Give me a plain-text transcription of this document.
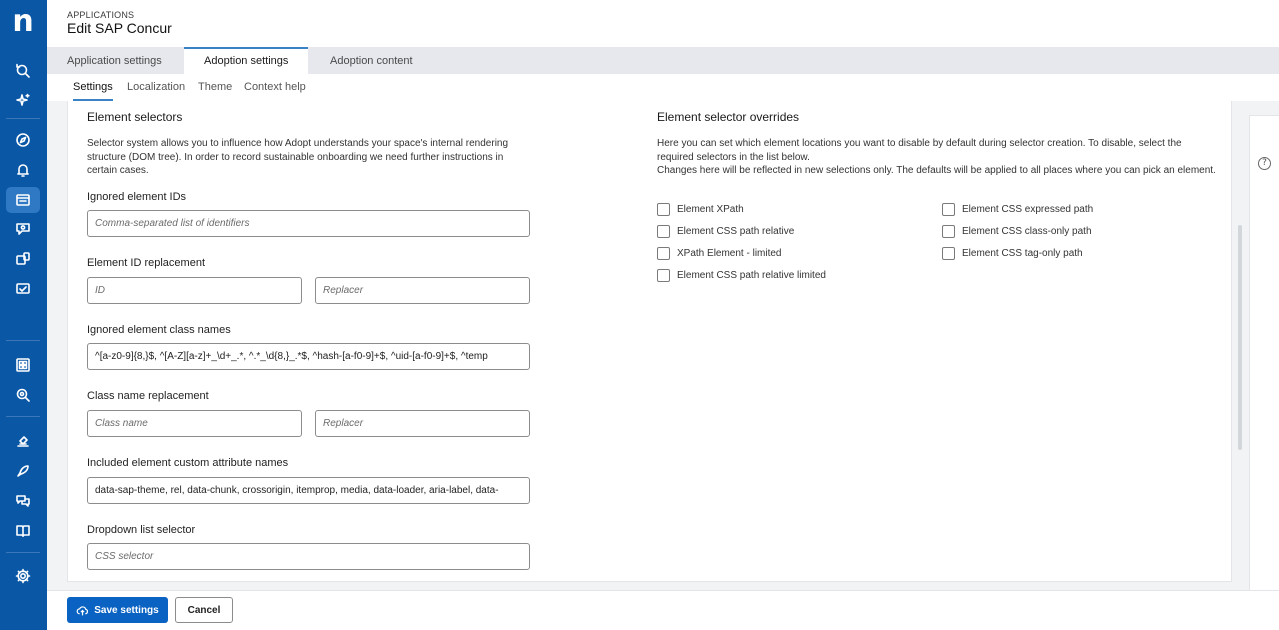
n	APPLICATIONS
Edit SAP Concur
Application settings	Adoption settings	Adoption content
Settings Localization Theme Context help
?
Element selectors
Selector system allows you to influence how Adopt understands your space's internal rendering structure (DOM tree). In order to record sustainable onboarding we need further instructions in certain cases.
Ignored element IDs
Comma-separated list of identifiers
Element ID replacement
ID
Replacer
Ignored element class names
^[a-z0-9]{8,}$, ^[A-Z][a-z]+_\d+_.*, ^.*_\d{8,}_.*$, ^hash-[a-f0-9]+$, ^uid-[a-f0-9]+$, ^temp
Class name replacement
Class name
Replacer
Included element custom attribute names
data-sap-theme, rel, data-chunk, crossorigin, itemprop, media, data-loader, aria-label, data-
Dropdown list selector
CSS selector
Element selector overrides
Here you can set which element locations you want to disable by default during selector creation. To disable, select the required selectors in the list below.
Changes here will be reflected in new selections only. The defaults will be applied to all places where you can pick an element.
Element XPath
Element CSS path relative
XPath Element - limited
Element CSS path relative limited
Element CSS expressed path
Element CSS class-only path
Element CSS tag-only path
Save settings	Cancel
